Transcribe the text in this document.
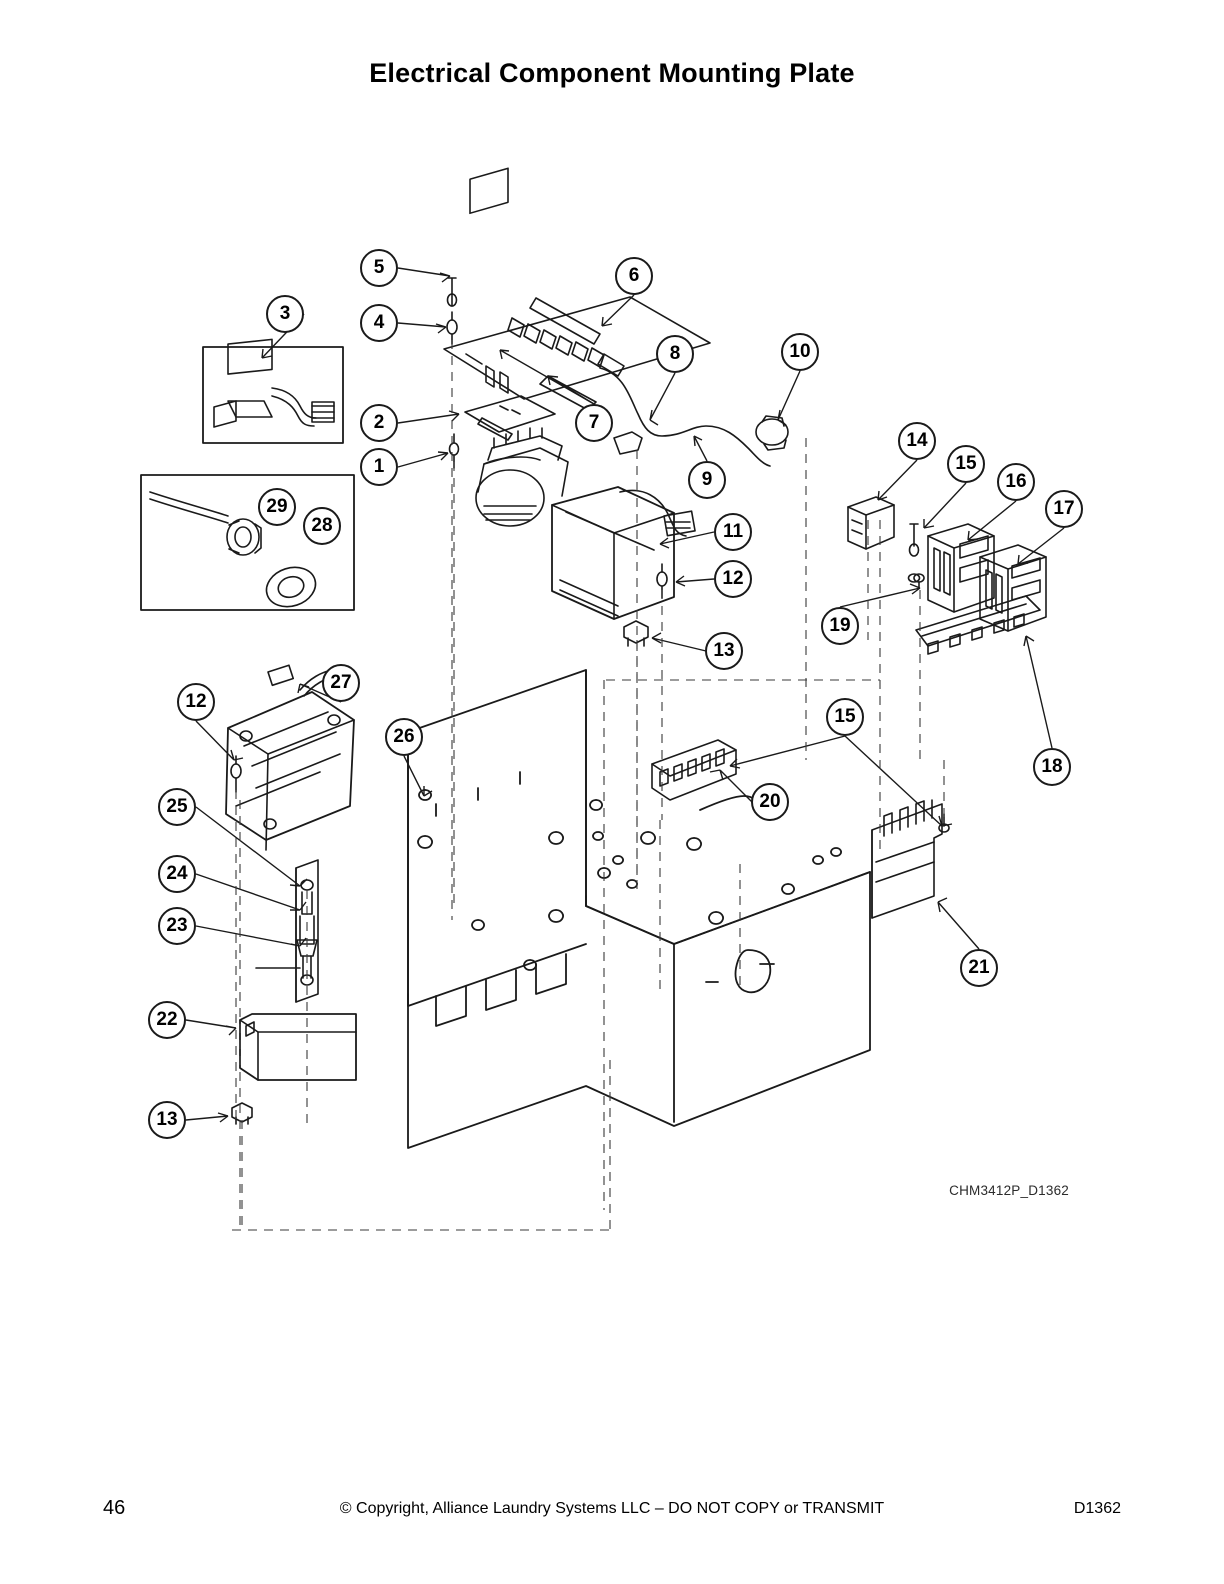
Electrical Component Mounting Plate
CHM3412P_D1362
5	6
3	4
8	10
2	7
14
15
1
9	16
17
29
28	11
12
19
13
27
12
15
26
18
20
25
24
23
21
22
13
46	© Copyright, Alliance Laundry Systems LLC – DO NOT COPY or TRANSMIT	D1362
